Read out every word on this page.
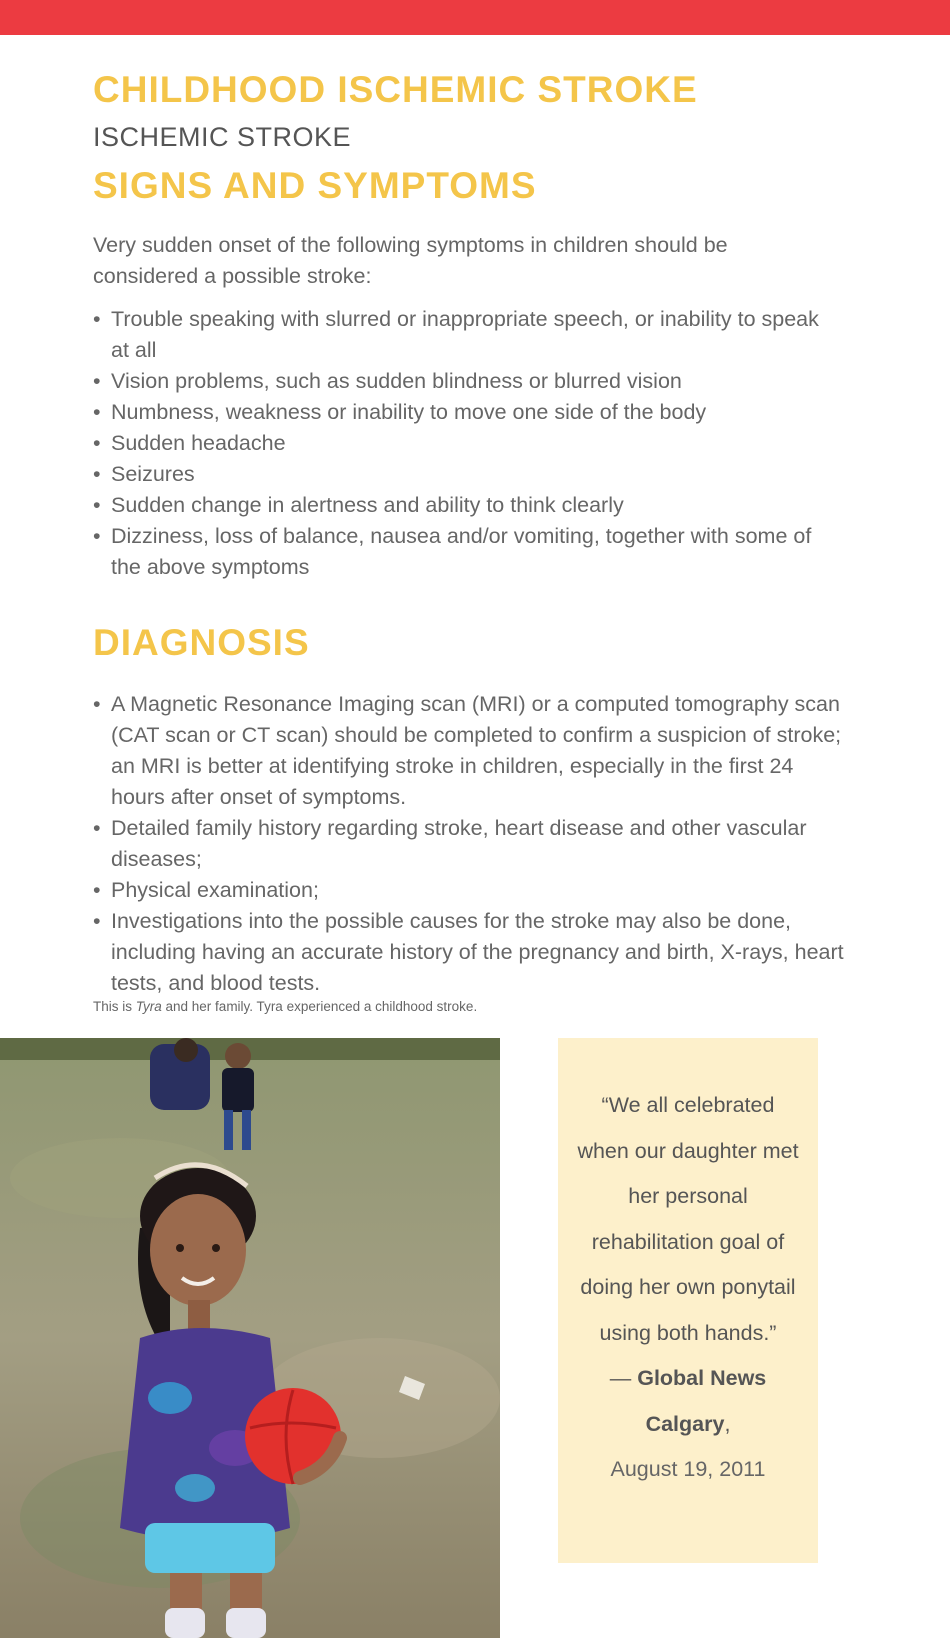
CHILDHOOD ISCHEMIC STROKE
ISCHEMIC STROKE
SIGNS AND SYMPTOMS

Very sudden onset of the following symptoms in children should be considered a possible stroke:

• Trouble speaking with slurred or inappropriate speech, or inability to speak at all
• Vision problems, such as sudden blindness or blurred vision
• Numbness, weakness or inability to move one side of the body
• Sudden headache
• Seizures
• Sudden change in alertness and ability to think clearly
• Dizziness, loss of balance, nausea and/or vomiting, together with some of the above symptoms
DIAGNOSIS
• A Magnetic Resonance Imaging scan (MRI) or a computed tomography scan (CAT scan or CT scan) should be completed to confirm a suspicion of stroke; an MRI is better at identifying stroke in children, especially in the first 24 hours after onset of symptoms.
• Detailed family history regarding stroke, heart disease and other vascular diseases;
• Physical examination;
• Investigations into the possible causes for the stroke may also be done, including having an accurate history of the pregnancy and birth, X-rays, heart tests, and blood tests.
This is Tyra and her family. Tyra experienced a childhood stroke.
“We all celebrated when our daughter met her personal rehabilitation goal of doing her own ponytail using both hands.”
— Global News Calgary,
August 19, 2011
